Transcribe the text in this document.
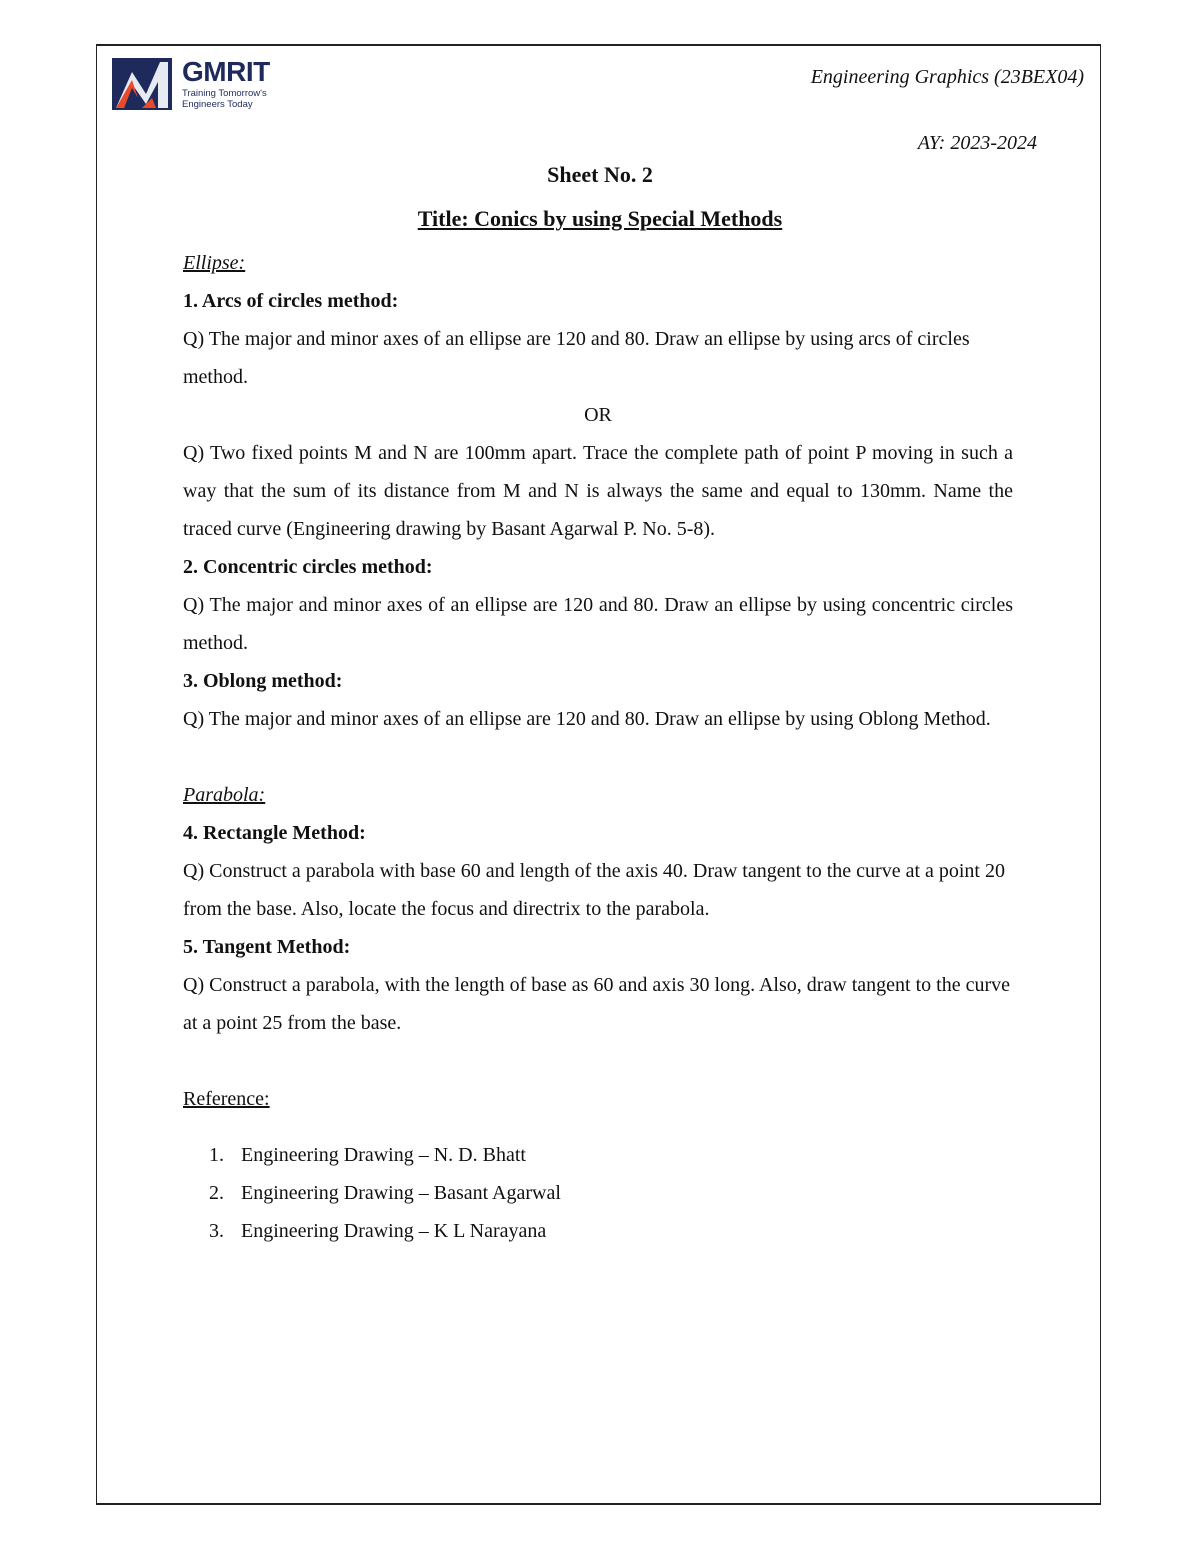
GMRIT
Training Tomorrow's Engineers Today
Engineering Graphics (23BEX04)
AY: 2023-2024
Sheet No. 2
Title: Conics by using Special Methods

Ellipse:

1. Arcs of circles method:

Q) The major and minor axes of an ellipse are 120 and 80. Draw an ellipse by using arcs of circles method.

OR

Q) Two fixed points M and N are 100mm apart. Trace the complete path of point P moving in such a way that the sum of its distance from M and N is always the same and equal to 130mm. Name the traced curve (Engineering drawing by Basant Agarwal P. No. 5-8).

2. Concentric circles method:

Q) The major and minor axes of an ellipse are 120 and 80. Draw an ellipse by using concentric circles method.

3. Oblong method:

Q) The major and minor axes of an ellipse are 120 and 80. Draw an ellipse by using Oblong Method.

Parabola:

4. Rectangle Method:

Q) Construct a parabola with base 60 and length of the axis 40. Draw tangent to the curve at a point 20 from the base. Also, locate the focus and directrix to the parabola.

5. Tangent Method:

Q) Construct a parabola, with the length of base as 60 and axis 30 long. Also, draw tangent to the curve at a point 25 from the base.

Reference:

1. Engineering Drawing – N. D. Bhatt
2. Engineering Drawing – Basant Agarwal
3. Engineering Drawing – K L Narayana
